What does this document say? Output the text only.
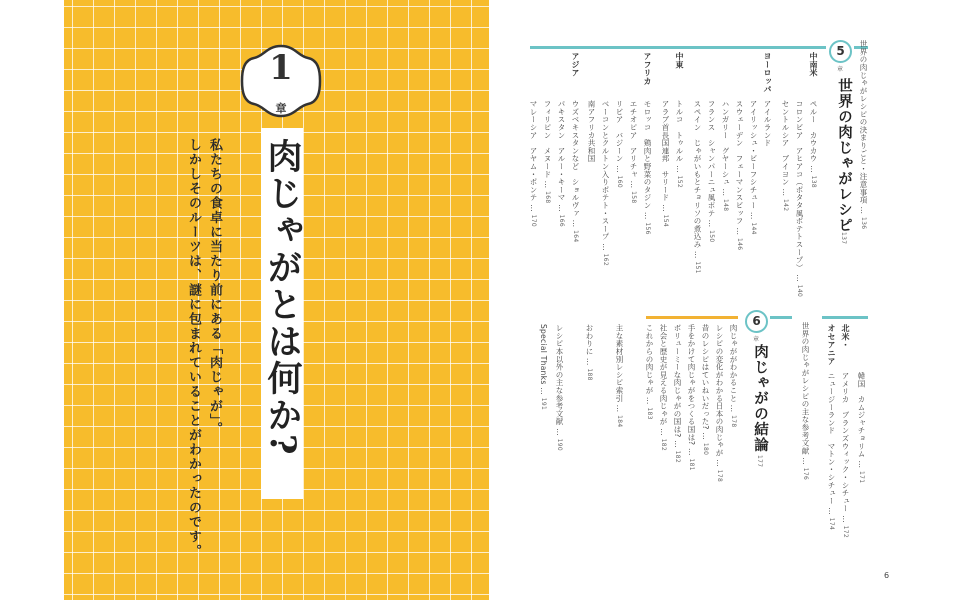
1
章
肉じゃがとは何か?
私たちの食卓に当たり前にある「肉じゃが」。
しかしそのルーツは、謎に包まれていることがわかったのです。
5
章 世界の肉じゃがレシピの決まりごと・注意事項 … 136
世界の肉じゃがレシピ
137
中南米
ペルー　カウカウ … 138
コロンビア　アヒアコ（ポタタ風ポテトスープ） … 140
セントルシア　ブイヨン … 142
ヨーロッパ
アイルランド
アイリッシュ・ビーフシチュー … 144
スウェーデン　フェーマンスビッフ … 146
ハンガリー　グヤーシュ … 148
フランス　シャンパーニュ風ポテ … 150
スペイン　じゃがいもとチョリソの煮込み … 151
中東
トルコ　トゥルル … 152
アラブ首長国連邦　サリード … 154
アフリカ
モロッコ　鶏肉と野菜のタジン … 156
エチオピア　アリチャ … 158
リビア　バジーン … 160
ベーコンとクルトン入りポテト・スープ … 162
南アフリカ共和国
アジア
ウズベキスタンなど　ショルヴァ … 164
パキスタン　アルー・キーマ … 166
フィリピン　メヌード … 168
マレーシア　アヤム・ポンテ … 170
韓国　カムジャチョリム … 171
北米・
アメリカ　ブランズウィック・シチュー … 172
オセアニア
ニュージーランド　マトン・シチュー … 174
世界の肉じゃがレシピの主な参考文献 … 176
6
章
肉じゃがの結論
177
肉じゃががわかること … 178
レシピの変化がわかる日本の肉じゃが … 178
昔のレシピはていねいだった? … 180
手をかけて肉じゃがをつくる国は? … 181
ボリューミーな肉じゃがの国は? … 182
社会と歴史が見える肉じゃが … 182
これからの肉じゃが … 183
主な素材別レシピ索引 … 184
おわりに … 188
レシピ本以外の主な参考文献 … 190
Special Thanks … 191
6
